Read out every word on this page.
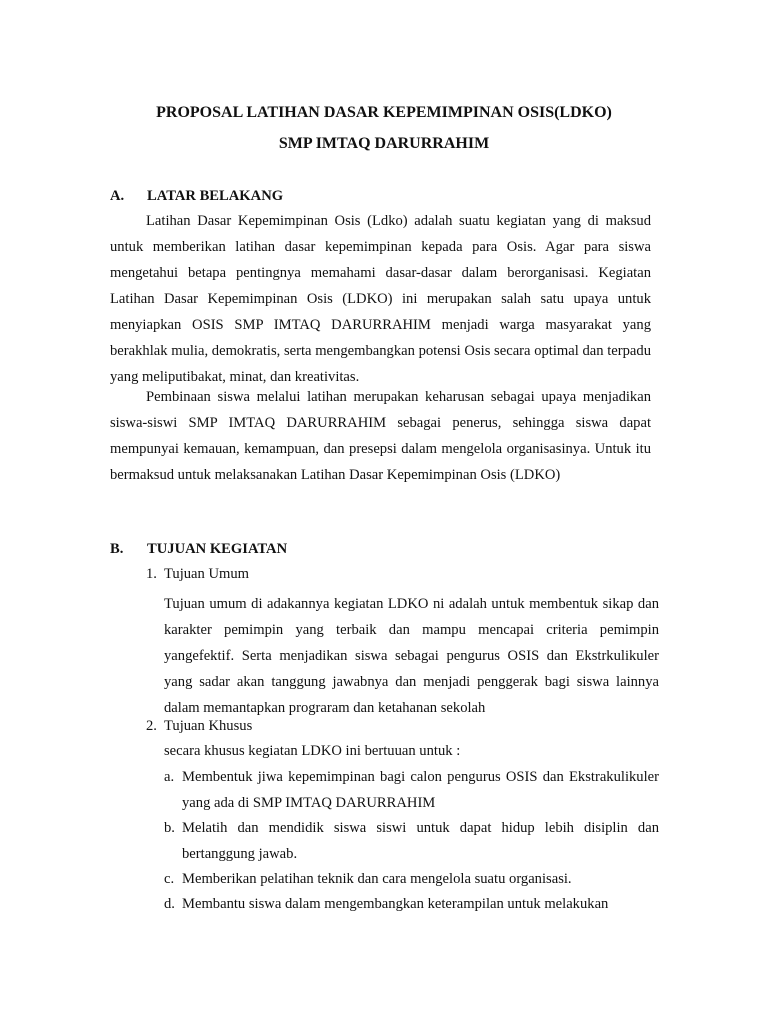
PROPOSAL LATIHAN DASAR KEPEMIMPINAN OSIS(LDKO)
SMP IMTAQ DARURRAHIM
A. LATAR BELAKANG

Latihan Dasar Kepemimpinan Osis (Ldko) adalah suatu kegiatan yang di maksud untuk memberikan latihan dasar kepemimpinan kepada para Osis. Agar para siswa mengetahui betapa pentingnya memahami dasar-dasar dalam berorganisasi. Kegiatan Latihan Dasar Kepemimpinan Osis (LDKO) ini merupakan salah satu upaya untuk menyiapkan OSIS SMP IMTAQ DARURRAHIM menjadi warga masyarakat yang berakhlak mulia, demokratis, serta mengembangkan potensi Osis secara optimal dan terpadu yang meliputibakat, minat, dan kreativitas.

Pembinaan siswa melalui latihan merupakan keharusan sebagai upaya menjadikan siswa-siswi SMP IMTAQ DARURRAHIM sebagai penerus, sehingga siswa dapat mempunyai kemauan, kemampuan, dan presepsi dalam mengelola organisasinya. Untuk itu bermaksud untuk melaksanakan Latihan Dasar Kepemimpinan Osis (LDKO)

B. TUJUAN KEGIATAN
1. Tujuan Umum

Tujuan umum di adakannya kegiatan LDKO ni adalah untuk membentuk sikap dan karakter pemimpin yang terbaik dan mampu mencapai criteria pemimpin yangefektif. Serta menjadikan siswa sebagai pengurus OSIS dan Ekstrkulikuler yang sadar akan tanggung jawabnya dan menjadi penggerak bagi siswa lainnya dalam memantapkan prograram dan ketahanan sekolah

2. Tujuan Khusus
secara khusus kegiatan LDKO ini bertuuan untuk :
a. Membentuk jiwa kepemimpinan bagi calon pengurus OSIS dan Ekstrakulikuler yang ada di SMP IMTAQ DARURRAHIM
b. Melatih dan mendidik siswa siswi untuk dapat hidup lebih disiplin dan bertanggung jawab.
c. Memberikan pelatihan teknik dan cara mengelola suatu organisasi.
d. Membantu siswa dalam mengembangkan keterampilan untuk melakukan
